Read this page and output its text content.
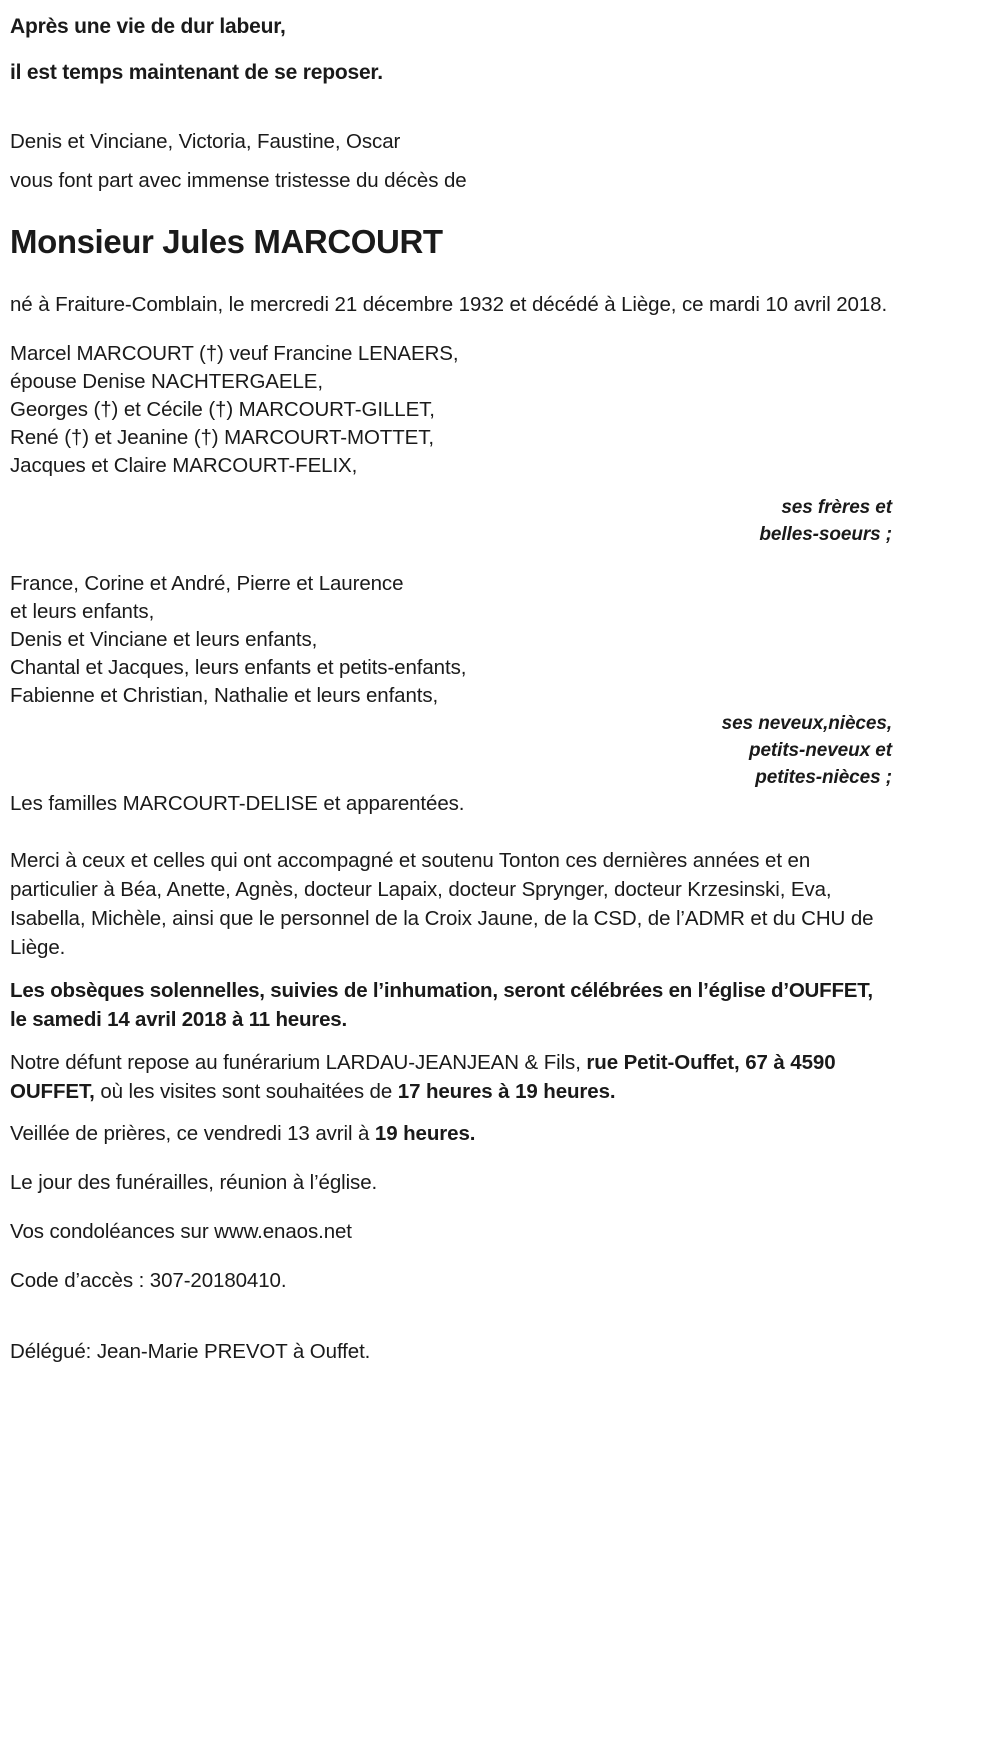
Après une vie de dur labeur,
il est temps maintenant de se reposer.
Denis et Vinciane, Victoria, Faustine, Oscar
vous font part avec immense tristesse du décès de
Monsieur Jules MARCOURT

né à Fraiture-Comblain, le mercredi 21 décembre 1932 et décédé à Liège, ce mardi 10 avril 2018.

Marcel MARCOURT (†) veuf Francine LENAERS,
épouse Denise NACHTERGAELE,
Georges (†) et Cécile (†) MARCOURT-GILLET,
René (†) et Jeanine (†) MARCOURT-MOTTET,
Jacques et Claire MARCOURT-FELIX,
ses frères et
belles-soeurs ;
France, Corine et André, Pierre et Laurence
et leurs enfants,
Denis et Vinciane et leurs enfants,
Chantal et Jacques, leurs enfants et petits-enfants,
Fabienne et Christian, Nathalie et leurs enfants,
ses neveux,nièces,
petits-neveux et
petites-nièces ;
Les familles MARCOURT-DELISE et apparentées.

Merci à ceux et celles qui ont accompagné et soutenu Tonton ces dernières années et en particulier à Béa, Anette, Agnès, docteur Lapaix, docteur Sprynger, docteur Krzesinski, Eva, Isabella, Michèle, ainsi que le personnel de la Croix Jaune, de la CSD, de l’ADMR et du CHU de Liège.

Les obsèques solennelles, suivies de l’inhumation, seront célébrées en l’église d’OUFFET, le samedi 14 avril 2018 à 11 heures.

Notre défunt repose au funérarium LARDAU-JEANJEAN & Fils, rue Petit-Ouffet, 67 à 4590 OUFFET, où les visites sont souhaitées de 17 heures à 19 heures.

Veillée de prières, ce vendredi 13 avril à 19 heures.

Le jour des funérailles, réunion à l’église.

Vos condoléances sur www.enaos.net

Code d’accès : 307-20180410.

Délégué: Jean-Marie PREVOT à Ouffet.
